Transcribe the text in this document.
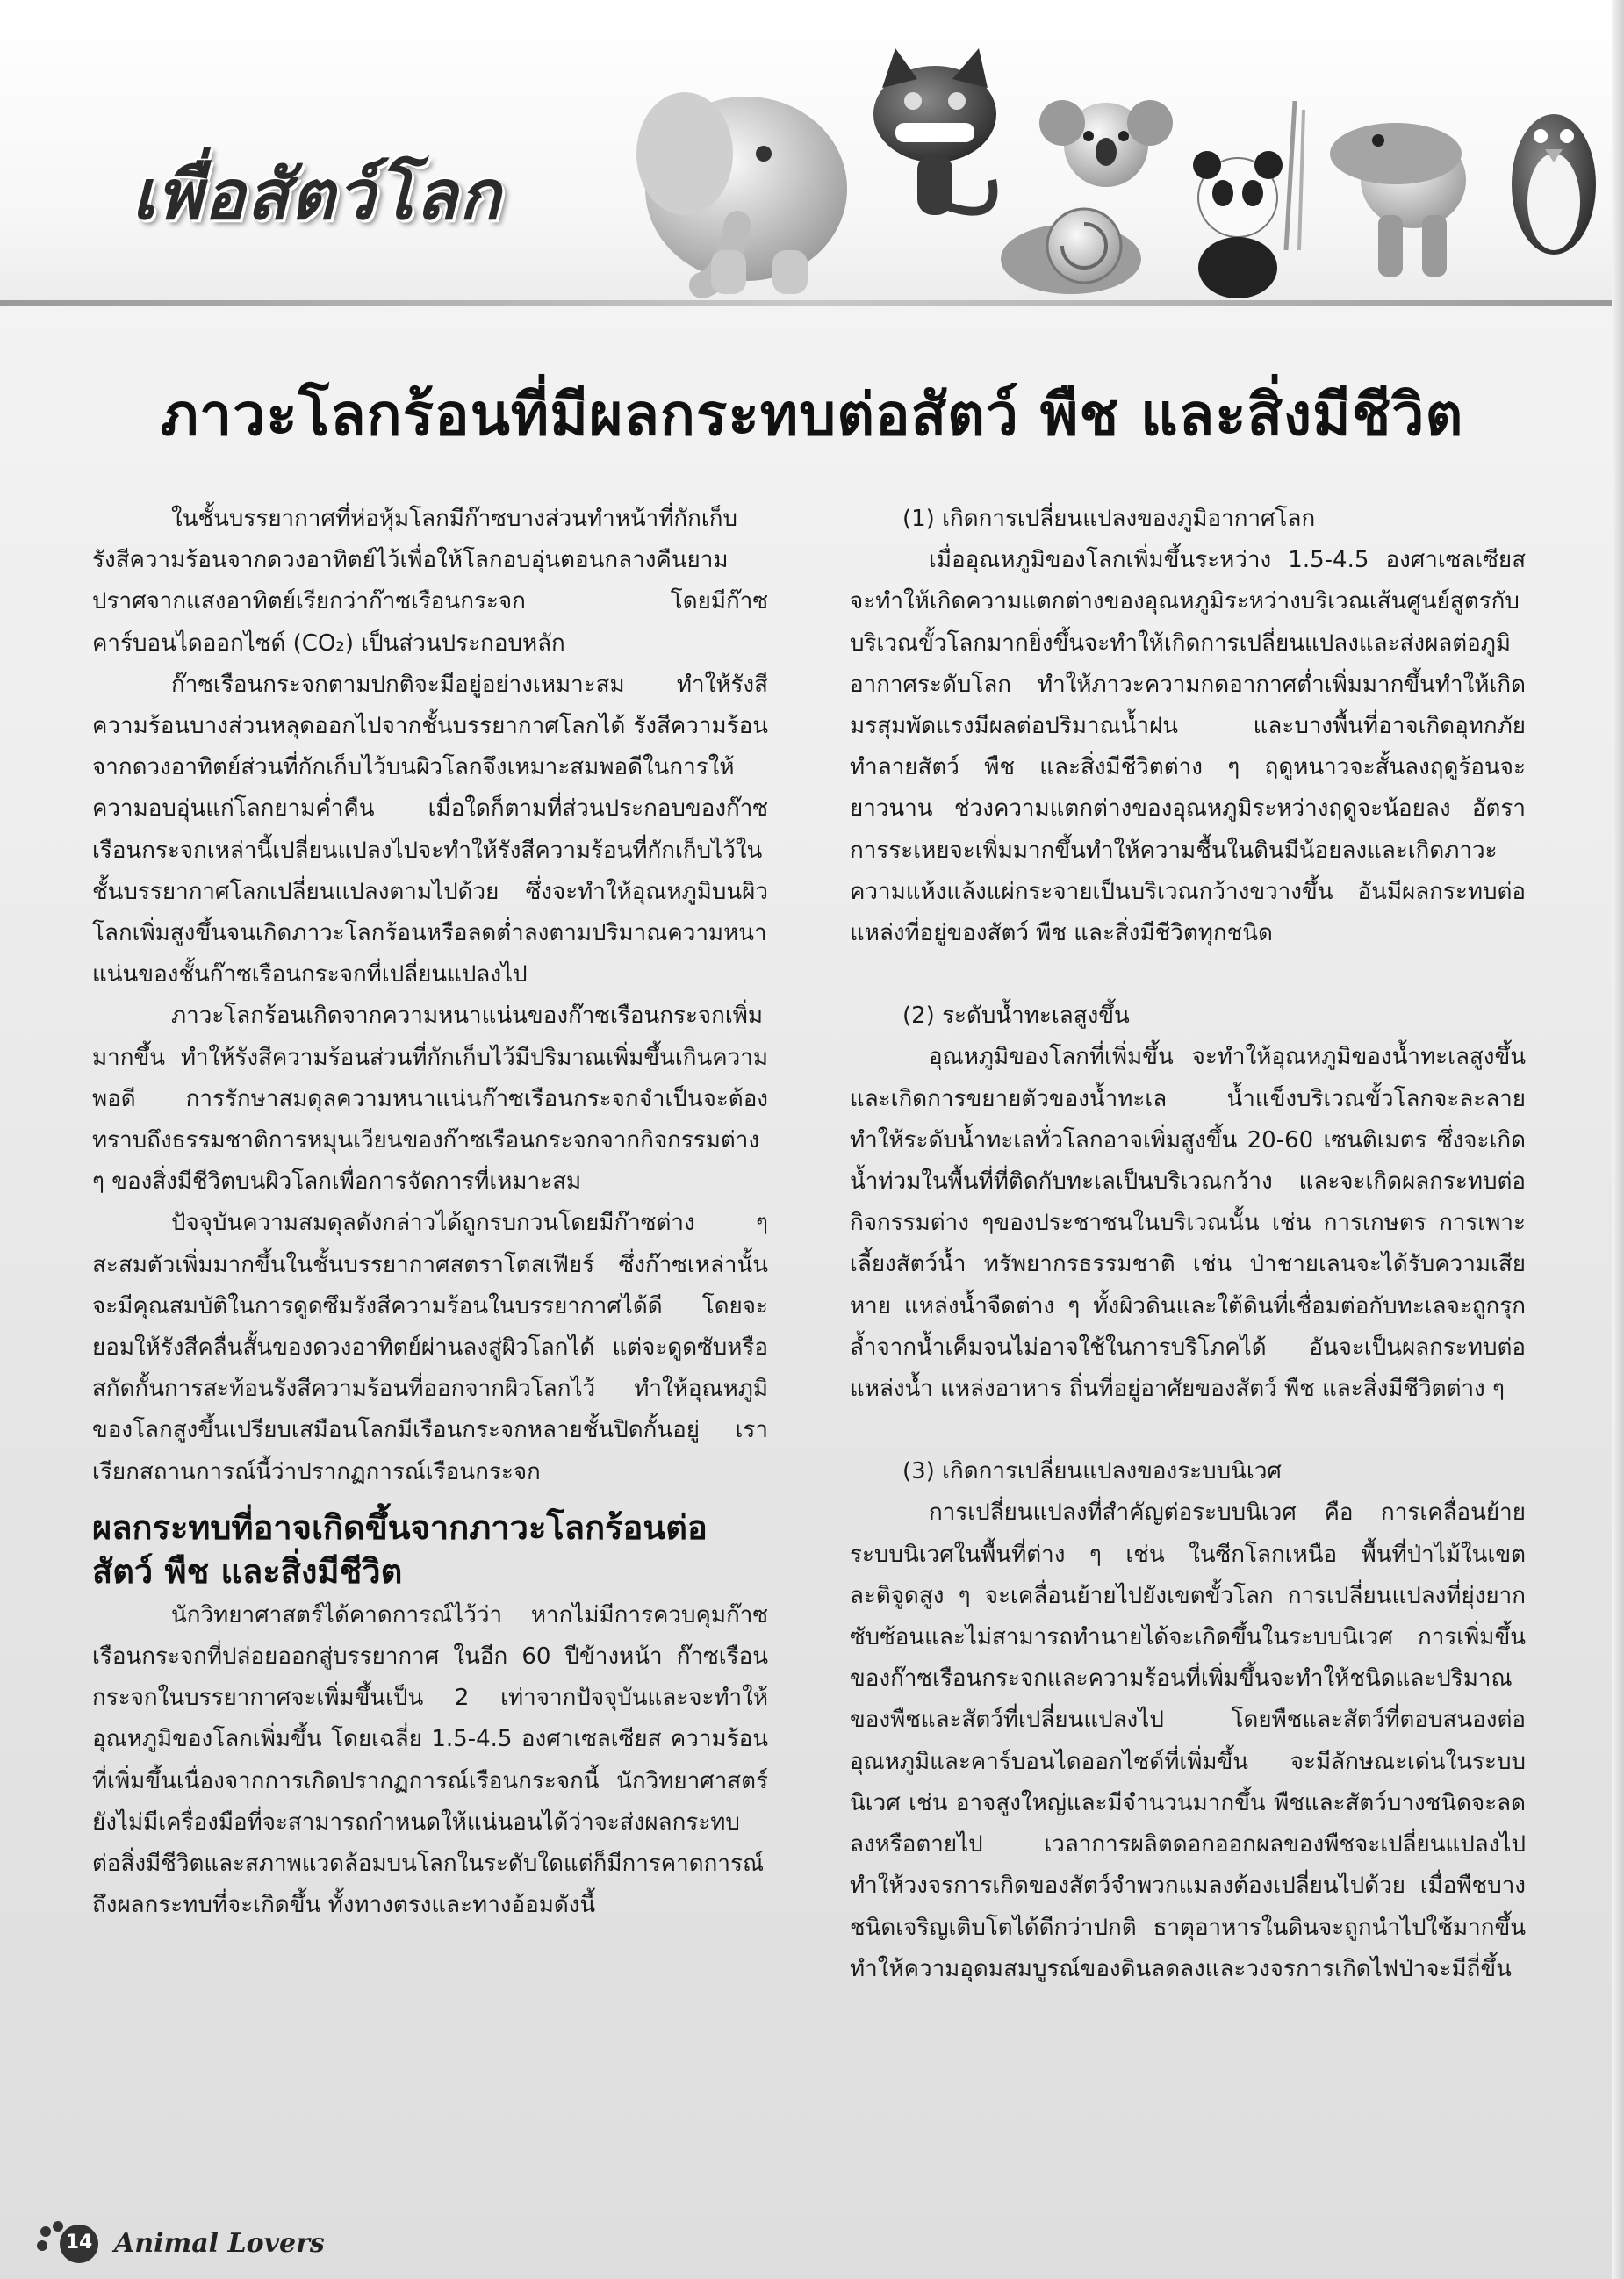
เพื่อสัตว์โลก
ภาวะโลกร้อนที่มีผลกระทบต่อสัตว์ พืช และสิ่งมีชีวิต

ในชั้นบรรยากาศที่ห่อหุ้มโลกมีก๊าซบางส่วนทำหน้าที่กักเก็บรังสีความร้อนจากดวงอาทิตย์ไว้เพื่อให้โลกอบอุ่นตอนกลางคืนยามปราศจากแสงอาทิตย์เรียกว่าก๊าซเรือนกระจก โดยมีก๊าซคาร์บอนไดออกไซด์ (CO₂) เป็นส่วนประกอบหลัก

ก๊าซเรือนกระจกตามปกติจะมีอยู่อย่างเหมาะสม ทำให้รังสีความร้อนบางส่วนหลุดออกไปจากชั้นบรรยากาศโลกได้ รังสีความร้อนจากดวงอาทิตย์ส่วนที่กักเก็บไว้บนผิวโลกจึงเหมาะสมพอดีในการให้ความอบอุ่นแก่โลกยามค่ำคืน เมื่อใดก็ตามที่ส่วนประกอบของก๊าซเรือนกระจกเหล่านี้เปลี่ยนแปลงไปจะทำให้รังสีความร้อนที่กักเก็บไว้ในชั้นบรรยากาศโลกเปลี่ยนแปลงตามไปด้วย ซึ่งจะทำให้อุณหภูมิบนผิวโลกเพิ่มสูงขึ้นจนเกิดภาวะโลกร้อนหรือลดต่ำลงตามปริมาณความหนาแน่นของชั้นก๊าซเรือนกระจกที่เปลี่ยนแปลงไป

ภาวะโลกร้อนเกิดจากความหนาแน่นของก๊าซเรือนกระจกเพิ่มมากขึ้น ทำให้รังสีความร้อนส่วนที่กักเก็บไว้มีปริมาณเพิ่มขึ้นเกินความพอดี การรักษาสมดุลความหนาแน่นก๊าซเรือนกระจกจำเป็นจะต้องทราบถึงธรรมชาติการหมุนเวียนของก๊าซเรือนกระจกจากกิจกรรมต่าง ๆ ของสิ่งมีชีวิตบนผิวโลกเพื่อการจัดการที่เหมาะสม

ปัจจุบันความสมดุลดังกล่าวได้ถูกรบกวนโดยมีก๊าซต่าง ๆ สะสมตัวเพิ่มมากขึ้นในชั้นบรรยากาศสตราโตสเฟียร์ ซึ่งก๊าซเหล่านั้นจะมีคุณสมบัติในการดูดซึมรังสีความร้อนในบรรยากาศได้ดี โดยจะยอมให้รังสีคลื่นสั้นของดวงอาทิตย์ผ่านลงสู่ผิวโลกได้ แต่จะดูดซับหรือสกัดกั้นการสะท้อนรังสีความร้อนที่ออกจากผิวโลกไว้ ทำให้อุณหภูมิของโลกสูงขึ้นเปรียบเสมือนโลกมีเรือนกระจกหลายชั้นปิดกั้นอยู่ เราเรียกสถานการณ์นี้ว่าปรากฏการณ์เรือนกระจก

ผลกระทบที่อาจเกิดขึ้นจากภาวะโลกร้อนต่อสัตว์ พืช และสิ่งมีชีวิต

นักวิทยาศาสตร์ได้คาดการณ์ไว้ว่า หากไม่มีการควบคุมก๊าซเรือนกระจกที่ปล่อยออกสู่บรรยากาศ ในอีก 60 ปีข้างหน้า ก๊าซเรือนกระจกในบรรยากาศจะเพิ่มขึ้นเป็น 2 เท่าจากปัจจุบันและจะทำให้อุณหภูมิของโลกเพิ่มขึ้น โดยเฉลี่ย 1.5-4.5 องศาเซลเซียส ความร้อนที่เพิ่มขึ้นเนื่องจากการเกิดปรากฏการณ์เรือนกระจกนี้ นักวิทยาศาสตร์ยังไม่มีเครื่องมือที่จะสามารถกำหนดให้แน่นอนได้ว่าจะส่งผลกระทบต่อสิ่งมีชีวิตและสภาพแวดล้อมบนโลกในระดับใดแต่ก็มีการคาดการณ์ถึงผลกระทบที่จะเกิดขึ้น ทั้งทางตรงและทางอ้อมดังนี้

(1) เกิดการเปลี่ยนแปลงของภูมิอากาศโลก

เมื่ออุณหภูมิของโลกเพิ่มขึ้นระหว่าง 1.5-4.5 องศาเซลเซียส จะทำให้เกิดความแตกต่างของอุณหภูมิระหว่างบริเวณเส้นศูนย์สูตรกับบริเวณขั้วโลกมากยิ่งขึ้นจะทำให้เกิดการเปลี่ยนแปลงและส่งผลต่อภูมิอากาศระดับโลก ทำให้ภาวะความกดอากาศต่ำเพิ่มมากขึ้นทำให้เกิดมรสุมพัดแรงมีผลต่อปริมาณน้ำฝน และบางพื้นที่อาจเกิดอุทกภัยทำลายสัตว์ พืช และสิ่งมีชีวิตต่าง ๆ ฤดูหนาวจะสั้นลงฤดูร้อนจะยาวนาน ช่วงความแตกต่างของอุณหภูมิระหว่างฤดูจะน้อยลง อัตราการระเหยจะเพิ่มมากขึ้นทำให้ความชื้นในดินมีน้อยลงและเกิดภาวะความแห้งแล้งแผ่กระจายเป็นบริเวณกว้างขวางขึ้น อันมีผลกระทบต่อแหล่งที่อยู่ของสัตว์ พืช และสิ่งมีชีวิตทุกชนิด

(2) ระดับน้ำทะเลสูงขึ้น

อุณหภูมิของโลกที่เพิ่มขึ้น จะทำให้อุณหภูมิของน้ำทะเลสูงขึ้นและเกิดการขยายตัวของน้ำทะเล น้ำแข็งบริเวณขั้วโลกจะละลายทำให้ระดับน้ำทะเลทั่วโลกอาจเพิ่มสูงขึ้น 20-60 เซนติเมตร ซึ่งจะเกิดน้ำท่วมในพื้นที่ที่ติดกับทะเลเป็นบริเวณกว้าง และจะเกิดผลกระทบต่อกิจกรรมต่าง ๆของประชาชนในบริเวณนั้น เช่น การเกษตร การเพาะเลี้ยงสัตว์น้ำ ทรัพยากรธรรมชาติ เช่น ป่าชายเลนจะได้รับความเสียหาย แหล่งน้ำจืดต่าง ๆ ทั้งผิวดินและใต้ดินที่เชื่อมต่อกับทะเลจะถูกรุกล้ำจากน้ำเค็มจนไม่อาจใช้ในการบริโภคได้ อันจะเป็นผลกระทบต่อแหล่งน้ำ แหล่งอาหาร ถิ่นที่อยู่อาศัยของสัตว์ พืช และสิ่งมีชีวิตต่าง ๆ

(3) เกิดการเปลี่ยนแปลงของระบบนิเวศ

การเปลี่ยนแปลงที่สำคัญต่อระบบนิเวศ คือ การเคลื่อนย้ายระบบนิเวศในพื้นที่ต่าง ๆ เช่น ในซีกโลกเหนือ พื้นที่ป่าไม้ในเขตละติจูดสูง ๆ จะเคลื่อนย้ายไปยังเขตขั้วโลก การเปลี่ยนแปลงที่ยุ่งยากซับซ้อนและไม่สามารถทำนายได้จะเกิดขึ้นในระบบนิเวศ การเพิ่มขึ้นของก๊าซเรือนกระจกและความร้อนที่เพิ่มขึ้นจะทำให้ชนิดและปริมาณของพืชและสัตว์ที่เปลี่ยนแปลงไป โดยพืชและสัตว์ที่ตอบสนองต่ออุณหภูมิและคาร์บอนไดออกไซด์ที่เพิ่มขึ้น จะมีลักษณะเด่นในระบบนิเวศ เช่น อาจสูงใหญ่และมีจำนวนมากขึ้น พืชและสัตว์บางชนิดจะลดลงหรือตายไป เวลาการผลิตดอกออกผลของพืชจะเปลี่ยนแปลงไป ทำให้วงจรการเกิดของสัตว์จำพวกแมลงต้องเปลี่ยนไปด้วย เมื่อพืชบางชนิดเจริญเติบโตได้ดีกว่าปกติ ธาตุอาหารในดินจะถูกนำไปใช้มากขึ้น ทำให้ความอุดมสมบูรณ์ของดินลดลงและวงจรการเกิดไฟป่าจะมีถี่ขึ้น

14 Animal Lovers
